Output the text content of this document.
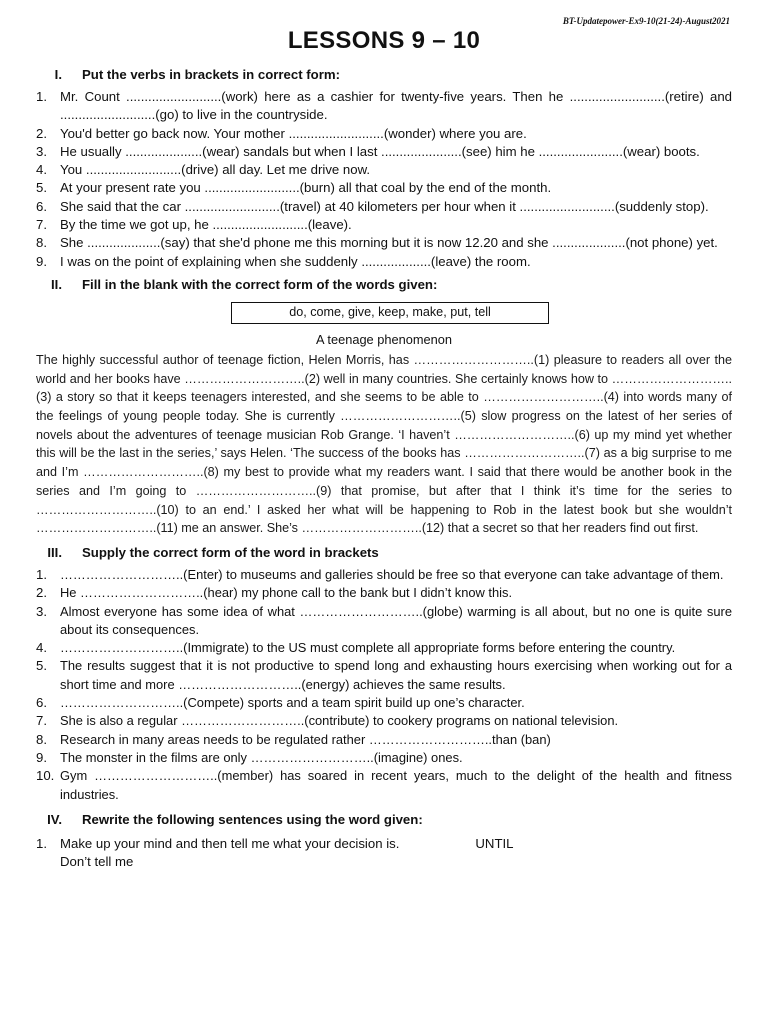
BT-Updatepower-Ex9-10(21-24)-August2021
LESSONS 9 – 10
I.	Put the verbs in brackets in correct form:
1. Mr. Count ..........................(work) here as a cashier for twenty-five years. Then he ..........................(retire) and ..........................(go) to live in the countryside.
2. You'd better go back now. Your mother ..........................(wonder) where you are.
3. He usually .....................(wear) sandals but when I last ......................(see) him he .......................(wear) boots.
4. You ..........................(drive) all day. Let me drive now.
5. At your present rate you ..........................(burn) all that coal by the end of the month.
6. She said that the car ..........................(travel) at 40 kilometers per hour when it ..........................(suddenly stop).
7. By the time we got up, he ..........................(leave).
8. She ....................(say) that she'd phone me this morning but it is now 12.20 and she ....................(not phone) yet.
9. I was on the point of explaining when she suddenly ...................(leave) the room.
II.	Fill in the blank with the correct form of the words given:
do, come, give, keep, make, put, tell
A teenage phenomenon
The highly successful author of teenage fiction, Helen Morris, has ………………………..(1) pleasure to readers all over the world and her books have ………………………..(2) well in many countries. She certainly knows how to ………………………..(3) a story so that it keeps teenagers interested, and she seems to be able to ………………………..(4) into words many of the feelings of young people today. She is currently ………………………..(5) slow progress on the latest of her series of novels about the adventures of teenage musician Rob Grange. ‘I haven’t ………………………..(6) up my mind yet whether this will be the last in the series,’ says Helen. ‘The success of the books has ………………………..(7) as a big surprise to me and I’m ………………………..(8) my best to provide what my readers want. I said that there would be another book in the series and I’m going to ………………………..(9) that promise, but after that I think it’s time for the series to ………………………..(10) to an end.’ I asked her what will be happening to Rob in the latest book but she wouldn’t ………………………..(11) me an answer. She’s ………………………..(12) that a secret so that her readers find out first.
III.	Supply the correct form of the word in brackets
1.	………………………..(Enter) to museums and galleries should be free so that everyone can take advantage of them.
2.	He ………………………..(hear) my phone call to the bank but I didn’t know this.
3.	Almost everyone has some idea of what ………………………..(globe) warming is all about, but no one is quite sure about its consequences.
4.	………………………..(Immigrate) to the US must complete all appropriate forms before entering the country.
5.	The results suggest that it is not productive to spend long and exhausting hours exercising when working out for a short time and more ………………………..(energy) achieves the same results.
6.	………………………..(Compete) sports and a team spirit build up one’s character.
7.	She is also a regular ………………………..(contribute) to cookery programs on national television.
8.	Research in many areas needs to be regulated rather ………………………..than (ban)
9.	The monster in the films are only ………………………..(imagine) ones.
10. Gym ………………………..(member) has soared in recent years, much to the delight of the health and fitness industries.
IV.	Rewrite the following sentences using the word given:
1. Make up your mind and then tell me what your decision is.	UNTIL
Don’t tell me
